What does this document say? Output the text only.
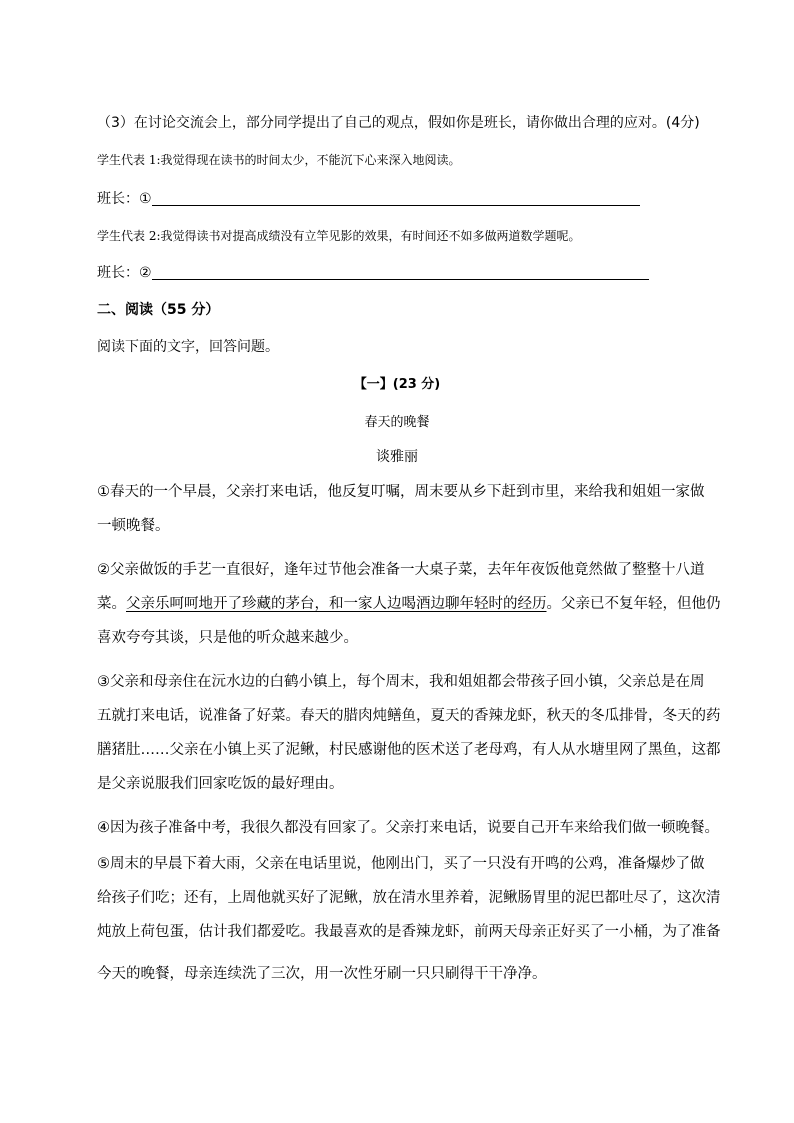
（3）在讨论交流会上，部分同学提出了自己的观点，假如你是班长，请你做出合理的应对。(4分)
学生代表 1:我觉得现在读书的时间太少，不能沉下心来深入地阅读。
班长：①
学生代表 2:我觉得读书对提高成绩没有立竿见影的效果，有时间还不如多做两道数学题呢。
班长：②
二、阅读（55 分）
阅读下面的文字，回答问题。
【一】(23 分)
春天的晚餐
谈雅丽
①春天的一个早晨，父亲打来电话，他反复叮嘱，周末要从乡下赶到市里，来给我和姐姐一家做
一顿晚餐。
②父亲做饭的手艺一直很好，逢年过节他会准备一大桌子菜，去年年夜饭他竟然做了整整十八道
菜。父亲乐呵呵地开了珍藏的茅台，和一家人边喝酒边聊年轻时的经历。父亲已不复年轻，但他仍
喜欢夸夸其谈，只是他的听众越来越少。
③父亲和母亲住在沅水边的白鹤小镇上，每个周末，我和姐姐都会带孩子回小镇，父亲总是在周
五就打来电话，说准备了好菜。春天的腊肉炖鳝鱼，夏天的香辣龙虾，秋天的冬瓜排骨，冬天的药
膳猪肚……父亲在小镇上买了泥鳅，村民感谢他的医术送了老母鸡，有人从水塘里网了黑鱼，这都
是父亲说服我们回家吃饭的最好理由。
④因为孩子准备中考，我很久都没有回家了。父亲打来电话，说要自己开车来给我们做一顿晚餐。
⑤周末的早晨下着大雨，父亲在电话里说，他刚出门，买了一只没有开鸣的公鸡，准备爆炒了做
给孩子们吃；还有，上周他就买好了泥鳅，放在清水里养着，泥鳅肠胃里的泥巴都吐尽了，这次清
炖放上荷包蛋，估计我们都爱吃。我最喜欢的是香辣龙虾，前两天母亲正好买了一小桶，为了准备
今天的晚餐，母亲连续洗了三次，用一次性牙刷一只只刷得干干净净。
